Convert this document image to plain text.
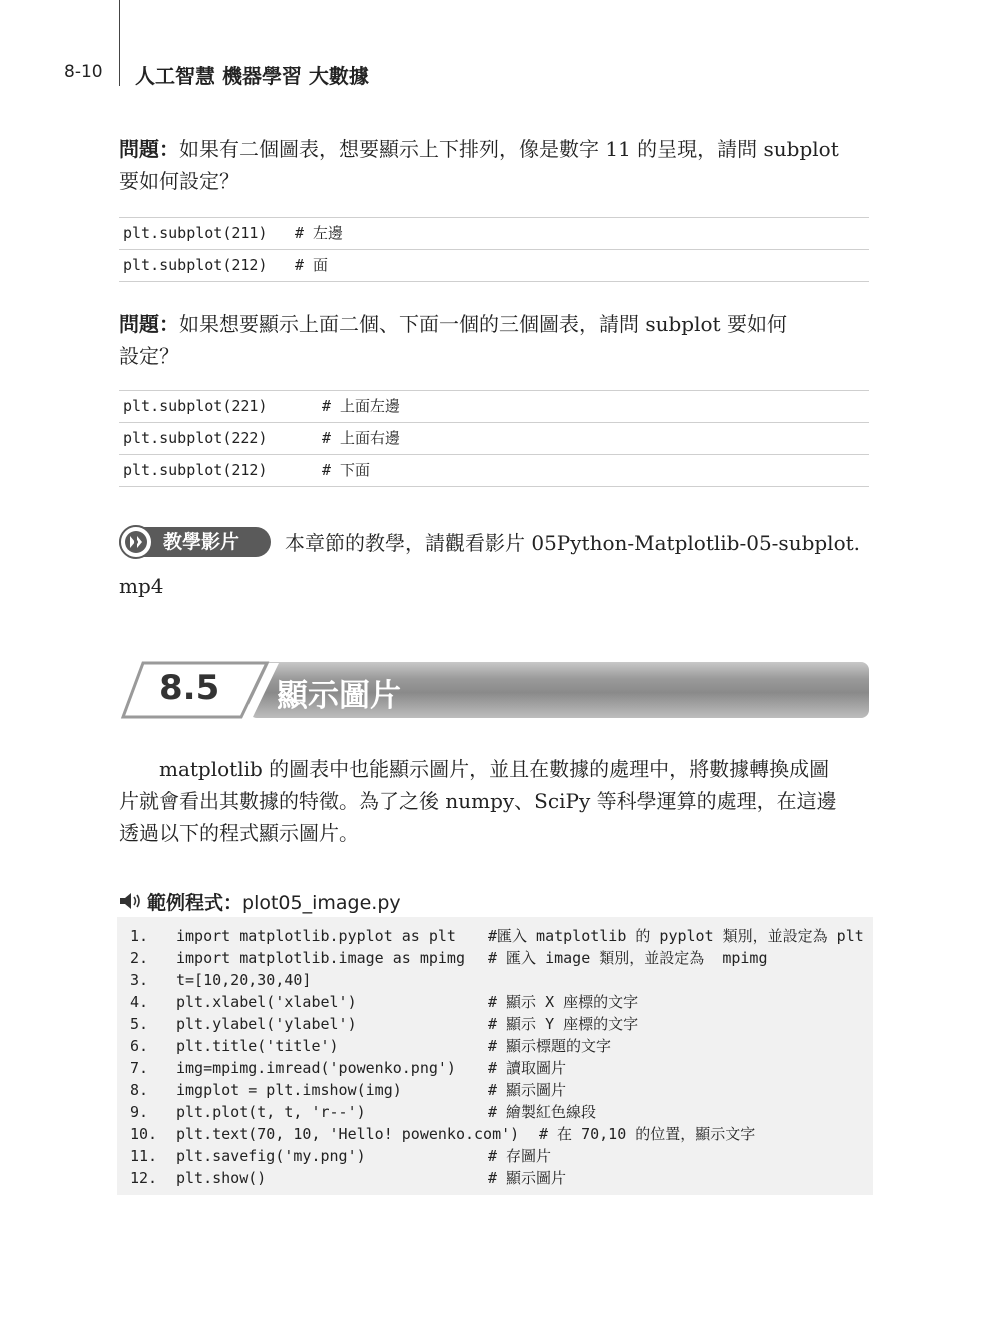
8-10 人工智慧 機器學習 大數據
問題：如果有二個圖表，想要顯示上下排列，像是數字 11 的呈現，請問 subplot
要如何設定？
plt.subplot(211) # 左邊
plt.subplot(212) # 面
問題：如果想要顯示上面二個、下面一個的三個圖表，請問 subplot 要如何
設定？
plt.subplot(221)	# 上面左邊
plt.subplot(222)	# 上面右邊
plt.subplot(212)	# 下面
教學影片 本章節的教學，請觀看影片 05Python-Matplotlib-05-subplot.
mp4
8.5 顯示圖片
matplotlib 的圖表中也能顯示圖片，並且在數據的處理中，將數據轉換成圖
片就會看出其數據的特徵。為了之後 numpy、SciPy 等科學運算的處理，在這邊
透過以下的程式顯示圖片。
範例程式：plot05_image.py
1. import matplotlib.pyplot as plt #匯入 matplotlib 的 pyplot 類別，並設定為 plt
2. import matplotlib.image as mpimg # 匯入 image 類別，並設定為  mpimg
3. t=[10,20,30,40]
4. plt.xlabel('xlabel')	# 顯示 X 座標的文字
5. plt.ylabel('ylabel')	# 顯示 Y 座標的文字
6. plt.title('title')	# 顯示標題的文字
7. img=mpimg.imread('powenko.png') # 讀取圖片
8. imgplot = plt.imshow(img)	# 顯示圖片
9. plt.plot(t, t, 'r--')	# 繪製紅色線段
10. plt.text(70, 10, 'Hello! powenko.com') # 在 70,10 的位置，顯示文字
11. plt.savefig('my.png')	# 存圖片
12. plt.show()	# 顯示圖片
